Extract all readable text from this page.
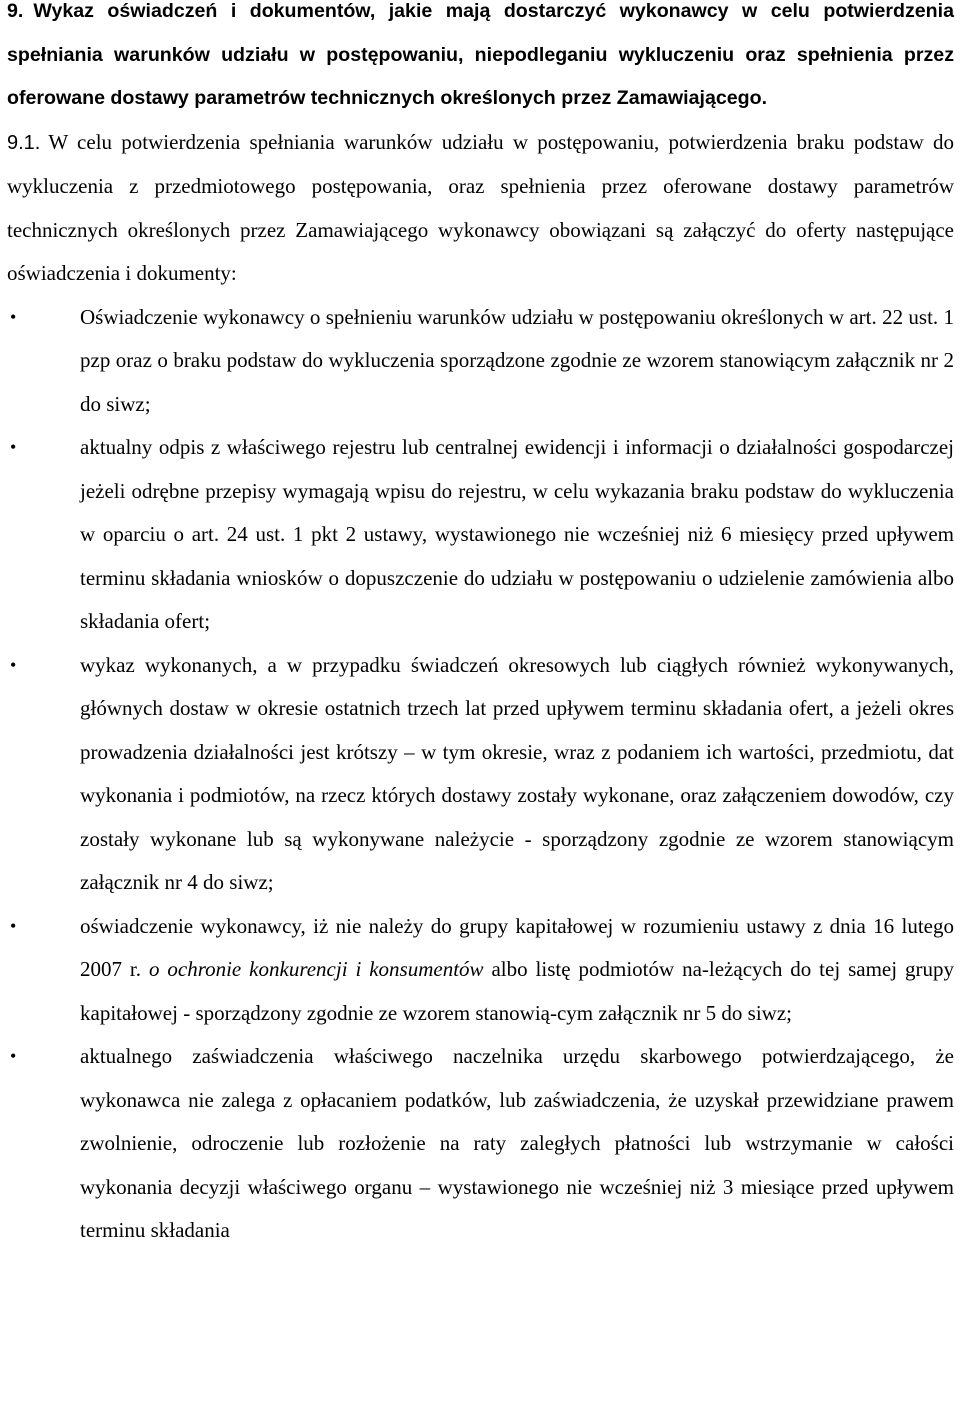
9. Wykaz oświadczeń i dokumentów, jakie mają dostarczyć wykonawcy w celu potwierdzenia spełniania warunków udziału w postępowaniu, niepodleganiu wykluczeniu oraz spełnienia przez oferowane dostawy parametrów technicznych określonych przez Zamawiającego.

9.1. W celu potwierdzenia spełniania warunków udziału w postępowaniu, potwierdzenia braku podstaw do wykluczenia z przedmiotowego postępowania, oraz spełnienia przez oferowane dostawy parametrów technicznych określonych przez Zamawiającego wykonawcy obowiązani są załączyć do oferty następujące oświadczenia i dokumenty:

•	Oświadczenie wykonawcy o spełnieniu warunków udziału w postępowaniu określonych w art. 22 ust. 1 pzp oraz o braku podstaw do wykluczenia sporządzone zgodnie ze wzorem stanowiącym załącznik nr 2 do siwz;
•	aktualny odpis z właściwego rejestru lub centralnej ewidencji i informacji o działalności gospodarczej jeżeli odrębne przepisy wymagają wpisu do rejestru, w celu wykazania braku podstaw do wykluczenia w oparciu o art. 24 ust. 1 pkt 2 ustawy, wystawionego nie wcześniej niż 6 miesięcy przed upływem terminu składania wniosków o dopuszczenie do udziału w postępowaniu o udzielenie zamówienia albo składania ofert;
•	wykaz wykonanych, a w przypadku świadczeń okresowych lub ciągłych również wykonywanych, głównych dostaw w okresie ostatnich trzech lat przed upływem terminu składania ofert, a jeżeli okres prowadzenia działalności jest krótszy – w tym okresie, wraz z podaniem ich wartości, przedmiotu, dat wykonania i podmiotów, na rzecz których dostawy zostały wykonane, oraz załączeniem dowodów, czy zostały wykonane lub są wykonywane należycie - sporządzony zgodnie ze wzorem stanowiącym załącznik nr 4 do siwz;
•	oświadczenie wykonawcy, iż nie należy do grupy kapitałowej w rozumieniu ustawy z dnia 16 lutego 2007 r. o ochronie konkurencji i konsumentów albo listę podmiotów na-leżących do tej samej grupy kapitałowej - sporządzony zgodnie ze wzorem stanowią-cym załącznik nr 5 do siwz;
•	aktualnego zaświadczenia właściwego naczelnika urzędu skarbowego potwierdzającego, że wykonawca nie zalega z opłacaniem podatków, lub zaświadczenia, że uzyskał przewidziane prawem zwolnienie, odroczenie lub rozłożenie na raty zaległych płatności lub wstrzymanie w całości wykonania decyzji właściwego organu – wystawionego nie wcześniej niż 3 miesiące przed upływem terminu składania
